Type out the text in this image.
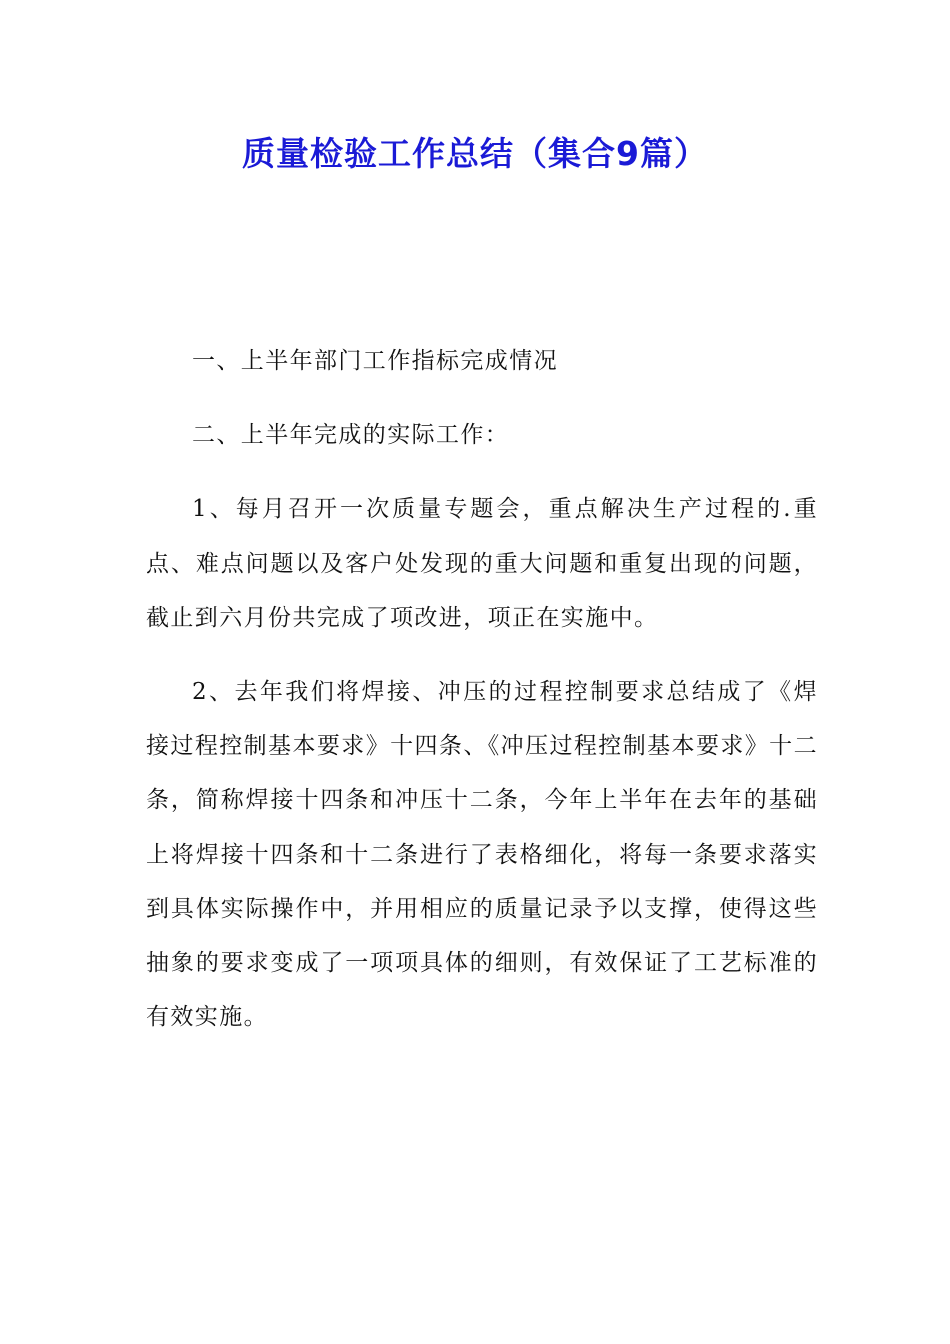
质量检验工作总结（集合9篇）

一、上半年部门工作指标完成情况

二、上半年完成的实际工作：

1、每月召开一次质量专题会，重点解决生产过程的.重点、难点问题以及客户处发现的重大问题和重复出现的问题，截止到六月份共完成了项改进，项正在实施中。

2、去年我们将焊接、冲压的过程控制要求总结成了《焊接过程控制基本要求》十四条、《冲压过程控制基本要求》十二条，简称焊接十四条和冲压十二条，今年上半年在去年的基础上将焊接十四条和十二条进行了表格细化，将每一条要求落实到具体实际操作中，并用相应的质量记录予以支撑，使得这些抽象的要求变成了一项项具体的细则，有效保证了工艺标准的有效实施。
